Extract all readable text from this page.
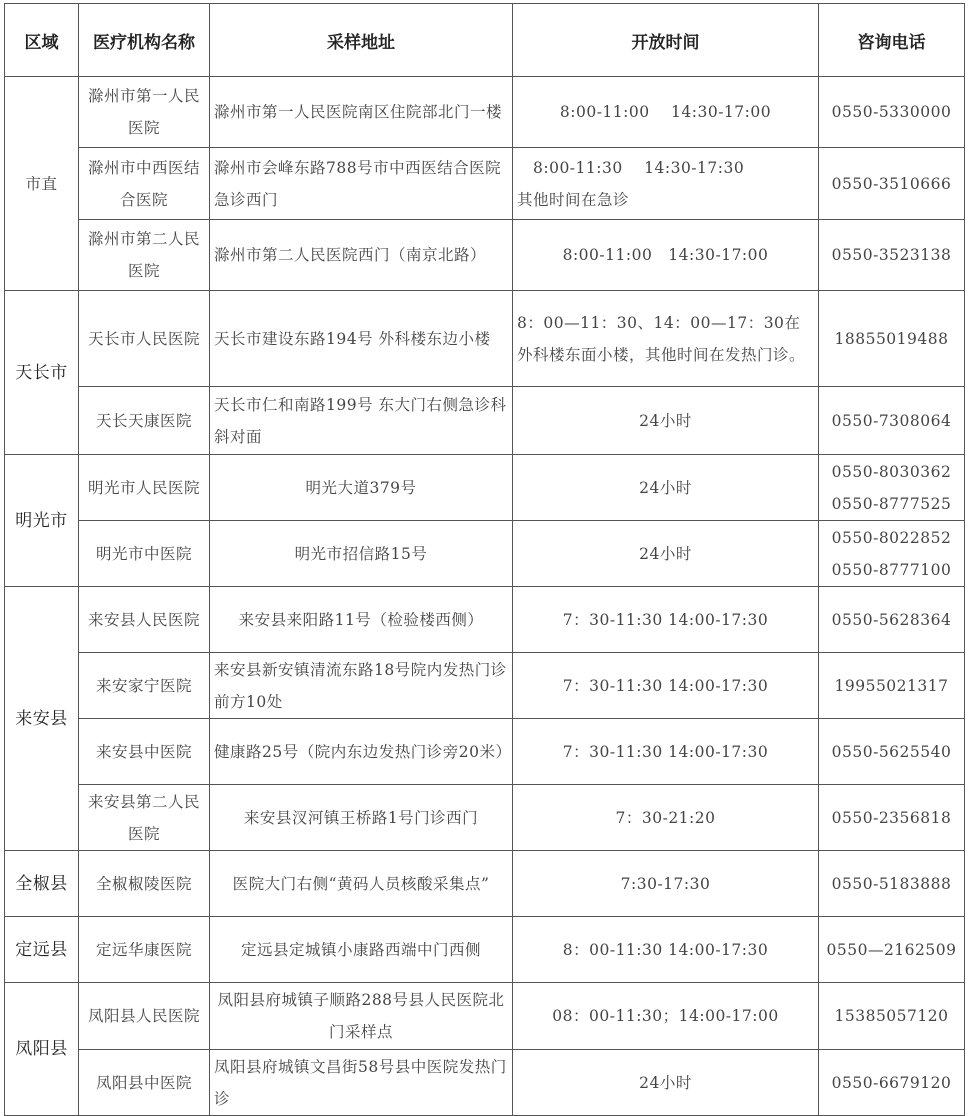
区域	医疗机构名称	采样地址	开放时间	咨询电话
市直	滁州市第一人民医院	滁州市第一人民医院南区住院部北门一楼	8:00-11:00　 14:30-17:00	0550-5330000
	滁州市中西医结合医院	滁州市会峰东路788号市中西医结合医院急诊西门	　8:00-11:30　 14:30-17:30　　　　 其他时间在急诊	0550-3510666
	滁州市第二人民医院	滁州市第二人民医院西门（南京北路）	8:00-11:00　14:30-17:00	0550-3523138
天长市	天长市人民医院	天长市建设东路194号 外科楼东边小楼	8：00—11：30、14：00—17：30在外科楼东面小楼，其他时间在发热门诊。	18855019488
	天长天康医院	天长市仁和南路199号 东大门右侧急诊科斜对面	24小时	0550-7308064
明光市	明光市人民医院	明光大道379号	24小时	0550-8030362
0550-8777525

	明光市中医院	明光市招信路15号	24小时	0550-8022852
0550-8777100

来安县	来安县人民医院	来安县来阳路11号（检验楼西侧）	7：30-11:30 14:00-17:30	0550-5628364
	来安家宁医院	来安县新安镇清流东路18号院内发热门诊前方10处	7：30-11:30 14:00-17:30	19955021317
	来安县中医院	健康路25号（院内东边发热门诊旁20米）	7：30-11:30 14:00-17:30	0550-5625540
	来安县第二人民医院	来安县汊河镇王桥路1号门诊西门	7：30-21:20	0550-2356818
全椒县	全椒椒陵医院	医院大门右侧“黄码人员核酸采集点”	7:30-17:30	0550-5183888
定远县	定远华康医院	定远县定城镇小康路西端中门西侧	8：00-11:30 14:00-17:30	0550—2162509
凤阳县	凤阳县人民医院	凤阳县府城镇子顺路288号县人民医院北门采样点	08：00-11:30；14:00-17:00	15385057120
	凤阳县中医院	凤阳县府城镇文昌街58号县中医院发热门诊	24小时	0550-6679120
